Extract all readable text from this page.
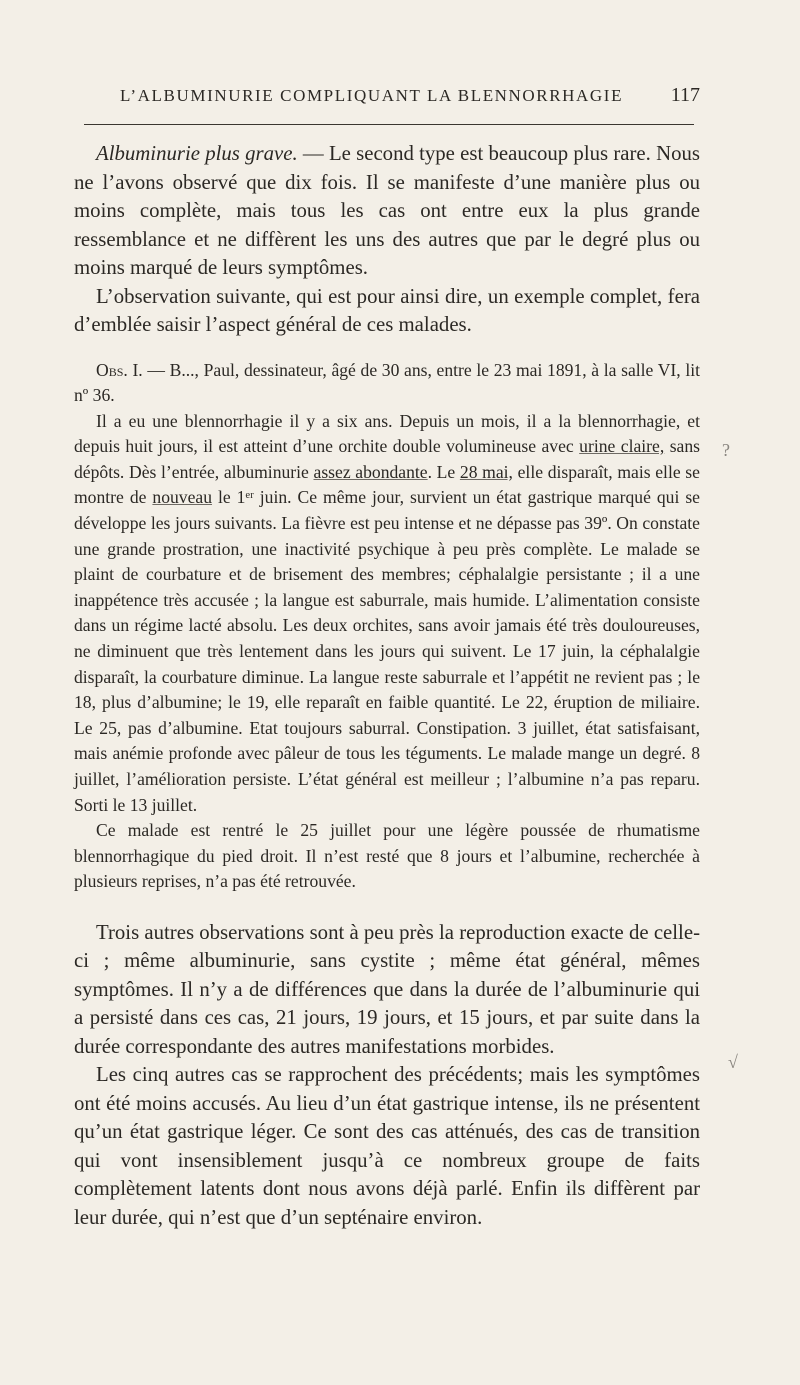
L’ALBUMINURIE COMPLIQUANT LA BLENNORRHAGIE 117

Albuminurie plus grave. — Le second type est beaucoup plus rare. Nous ne l’avons observé que dix fois. Il se manifeste d’une manière plus ou moins complète, mais tous les cas ont entre eux la plus grande ressemblance et ne diffèrent les uns des autres que par le degré plus ou moins marqué de leurs symptômes.

L’observation suivante, qui est pour ainsi dire, un exemple complet, fera d’emblée saisir l’aspect général de ces malades.

Obs. I. — B..., Paul, dessinateur, âgé de 30 ans, entre le 23 mai 1891, à la salle VI, lit nº 36.

Il a eu une blennorrhagie il y a six ans. Depuis un mois, il a la blennorrhagie, et depuis huit jours, il est atteint d’une orchite double volumineuse avec urine claire, sans dépôts. Dès l’entrée, albuminurie assez abondante. Le 28 mai, elle disparaît, mais elle se montre de nouveau le 1ᵉʳ juin. Ce même jour, survient un état gastrique marqué qui se développe les jours suivants. La fièvre est peu intense et ne dépasse pas 39º. On constate une grande prostration, une inactivité psychique à peu près complète. Le malade se plaint de courbature et de brisement des membres; céphalalgie persistante ; il a une inappétence très accusée ; la langue est saburrale, mais humide. L’alimentation consiste dans un régime lacté absolu. Les deux orchites, sans avoir jamais été très douloureuses, ne diminuent que très lentement dans les jours qui suivent. Le 17 juin, la céphalalgie disparaît, la courbature diminue. La langue reste saburrale et l’appétit ne revient pas ; le 18, plus d’albumine; le 19, elle reparaît en faible quantité. Le 22, éruption de miliaire. Le 25, pas d’albumine. Etat toujours saburral. Constipation. 3 juillet, état satisfaisant, mais anémie profonde avec pâleur de tous les téguments. Le malade mange un degré. 8 juillet, l’amélioration persiste. L’état général est meilleur ; l’albumine n’a pas reparu. Sorti le 13 juillet.

Ce malade est rentré le 25 juillet pour une légère poussée de rhumatisme blennorrhagique du pied droit. Il n’est resté que 8 jours et l’albumine, recherchée à plusieurs reprises, n’a pas été retrouvée.

Trois autres observations sont à peu près la reproduction exacte de celle-ci ; même albuminurie, sans cystite ; même état général, mêmes symptômes. Il n’y a de différences que dans la durée de l’albuminurie qui a persisté dans ces cas, 21 jours, 19 jours, et 15 jours, et par suite dans la durée correspondante des autres manifestations morbides.

Les cinq autres cas se rapprochent des précédents; mais les symptômes ont été moins accusés. Au lieu d’un état gastrique intense, ils ne présentent qu’un état gastrique léger. Ce sont des cas atténués, des cas de transition qui vont insensiblement jusqu’à ce nombreux groupe de faits complètement latents dont nous avons déjà parlé. Enfin ils diffèrent par leur durée, qui n’est que d’un septénaire environ.

?
√
